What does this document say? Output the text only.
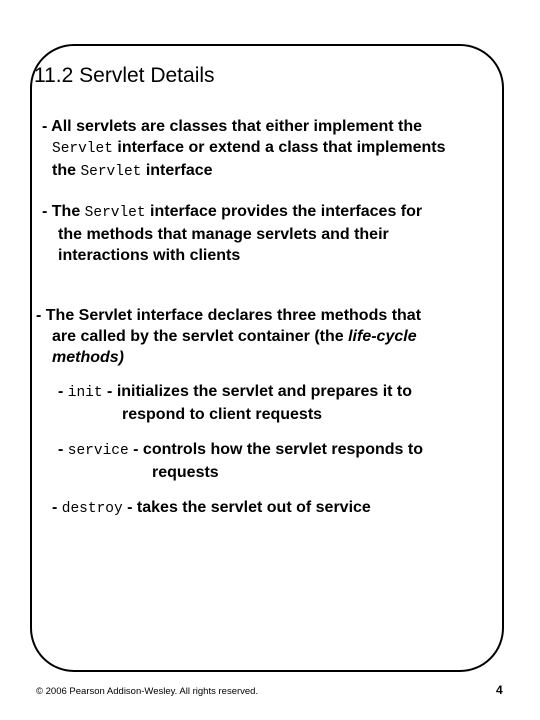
11.2 Servlet Details
- All servlets are classes that either implement the
Servlet interface or extend a class that implements
the Servlet interface
- The Servlet interface provides the interfaces for
the methods that manage servlets and their
interactions with clients
- The Servlet interface declares three methods that
are called by the servlet container (the life-cycle
methods)
- init - initializes the servlet and prepares it to
respond to client requests
- service - controls how the servlet responds to
requests
- destroy - takes the servlet out of service
© 2006 Pearson Addison-Wesley. All rights reserved.	4
